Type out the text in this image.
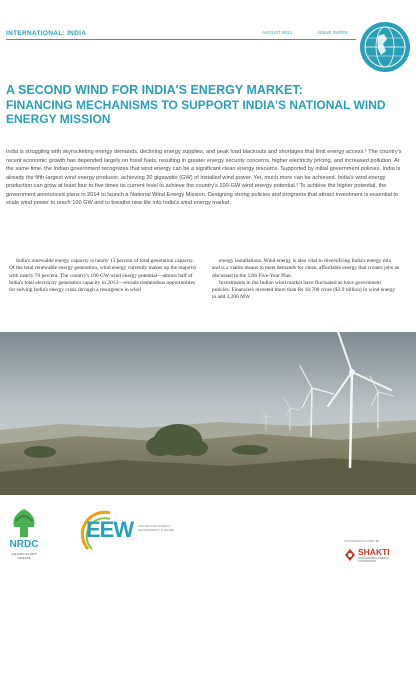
INTERNATIONAL: INDIA	AUGUST 2014	ISSUE PAPER
A SECOND WIND FOR INDIA'S ENERGY MARKET:
FINANCING MECHANISMS TO SUPPORT INDIA'S NATIONAL WIND ENERGY MISSION

India is struggling with skyrocketing energy demands, declining energy supplies, and peak load blackouts and shortages that limit energy access.¹ The country's recent economic growth has depended largely on fossil fuels, resulting in greater energy security concerns, higher electricity pricing, and increased pollution. At the same time, the Indian government recognizes that wind energy can be a significant clean energy resource. Supported by initial government policies, India is already the fifth-largest wind energy producer, achieving 20 gigawatts (GW) of installed wind power. Yet, much more can be achieved. India's wind energy production can grow at least four to five times its current level to achieve the country's 100-GW wind energy potential.² To achieve the higher potential, the government announced plans in 2014 to launch a National Wind Energy Mission. Designing strong policies and programs that attract investment is essential to scale wind power to reach 100 GW and to breathe new life into India's wind energy market.

India's renewable energy capacity is nearly 13 percent of total generation capacity. Of the total renewable energy generation, wind energy currently makes up the majority with nearly 70 percent. The country's 100 GW wind energy potential—almost half of India's total electricity generation capacity in 2013—reveals tremendous opportunities for solving India's energy crisis through a resurgence in wind

energy installations. Wind energy is also vital to diversifying India's energy mix and is a viable means to meet demands for clean, affordable energy that creates jobs as discussed in the 12th Five-Year Plan.

Investments in the Indian wind market have fluctuated as have government policies. Financiers invested more than Rs 18,700 crore ($3.9 billion) in wind energy to add 3,200 MW

Wind mills in Jath, Sangli district in Maharashtra, India
NRDC
THE EARTH'S BEST DEFENSE
EEW CENTRE FOR ENERGY, ENVIRONMENT & WATER
SUPPORTED IN PART BY:
SHAKTI
SUSTAINABLE ENERGY FOUNDATION
